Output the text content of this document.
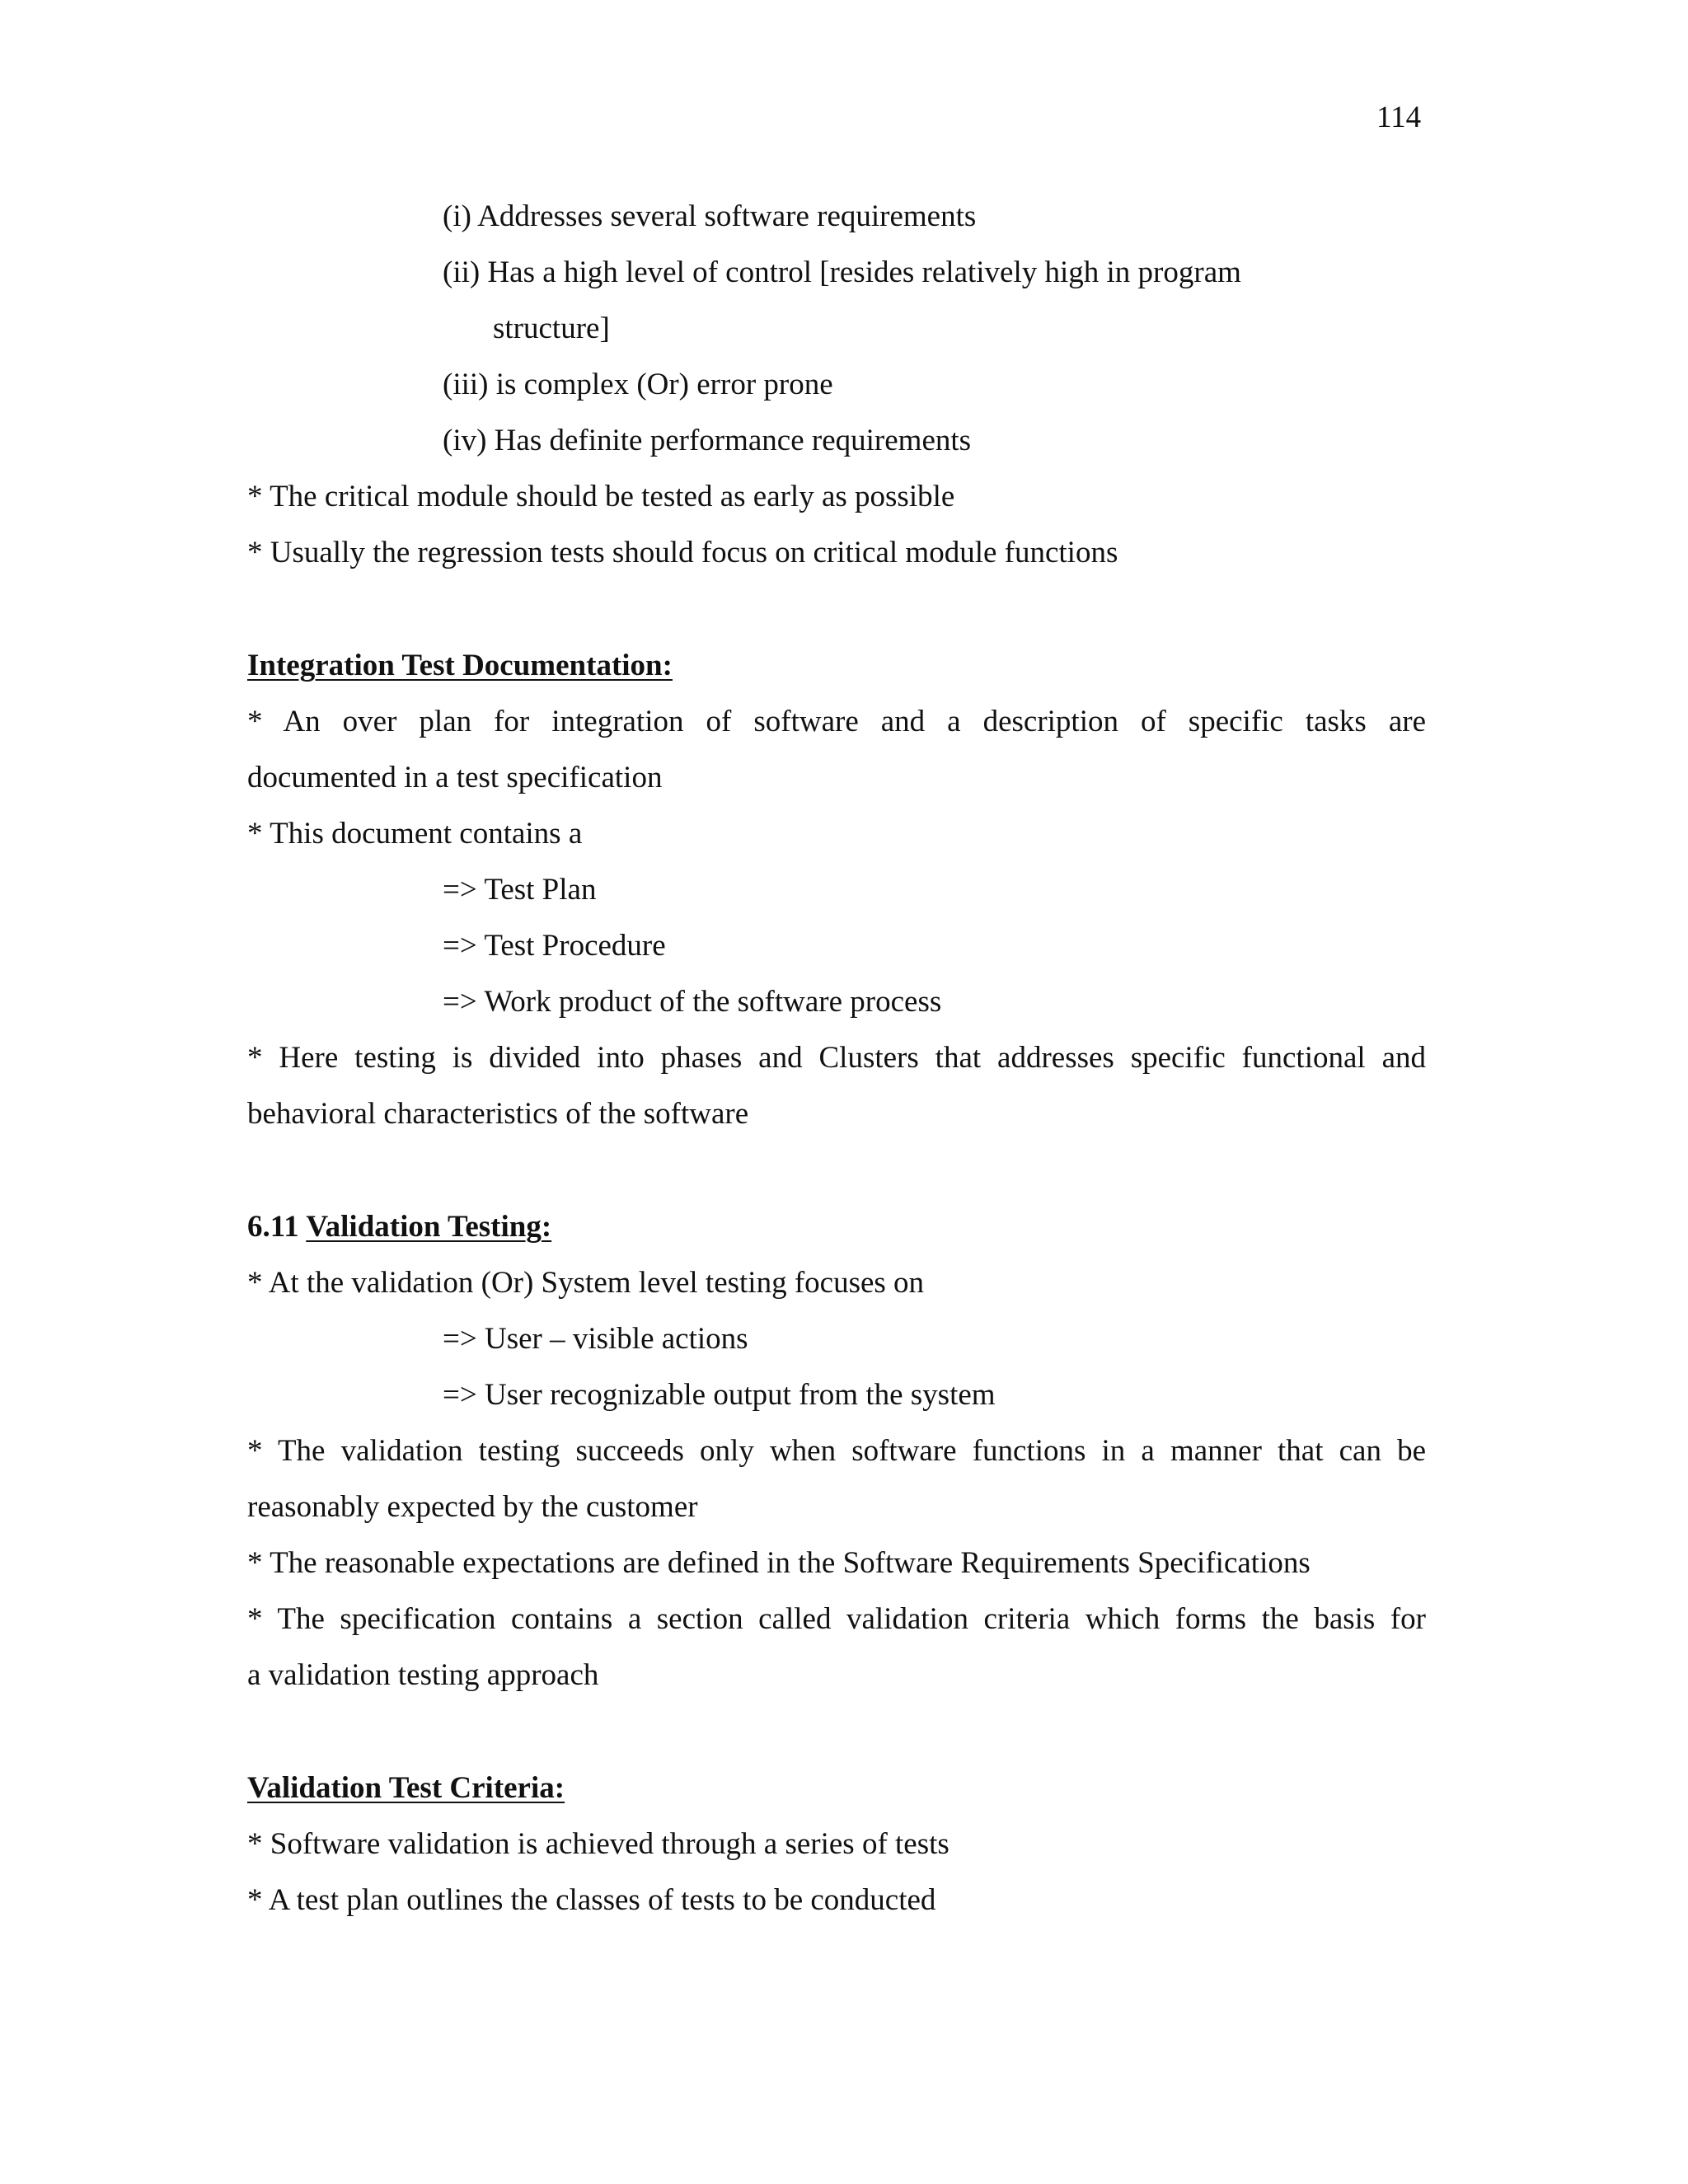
114
(i) Addresses several software requirements
(ii) Has a high level of control [resides relatively high in program
structure]
(iii) is complex (Or) error prone
(iv) Has definite performance requirements
* The critical module should be tested as early as possible
* Usually the regression tests should focus on critical module functions
Integration Test Documentation:
* An over plan for integration of software and a description of specific tasks are
documented in a test specification
* This document contains a
=> Test Plan
=> Test Procedure
=> Work product of the software process
* Here testing is divided into phases and Clusters that addresses specific functional and
behavioral characteristics of the software
6.11 Validation Testing:
* At the validation (Or) System level testing focuses on
=> User – visible actions
=> User recognizable output from the system
* The validation testing succeeds only when software functions in a manner that can be
reasonably expected by the customer
* The reasonable expectations are defined in the Software Requirements Specifications
* The specification contains a section called validation criteria which forms the basis for
a validation testing approach
Validation Test Criteria:
* Software validation is achieved through a series of tests
* A test plan outlines the classes of tests to be conducted
